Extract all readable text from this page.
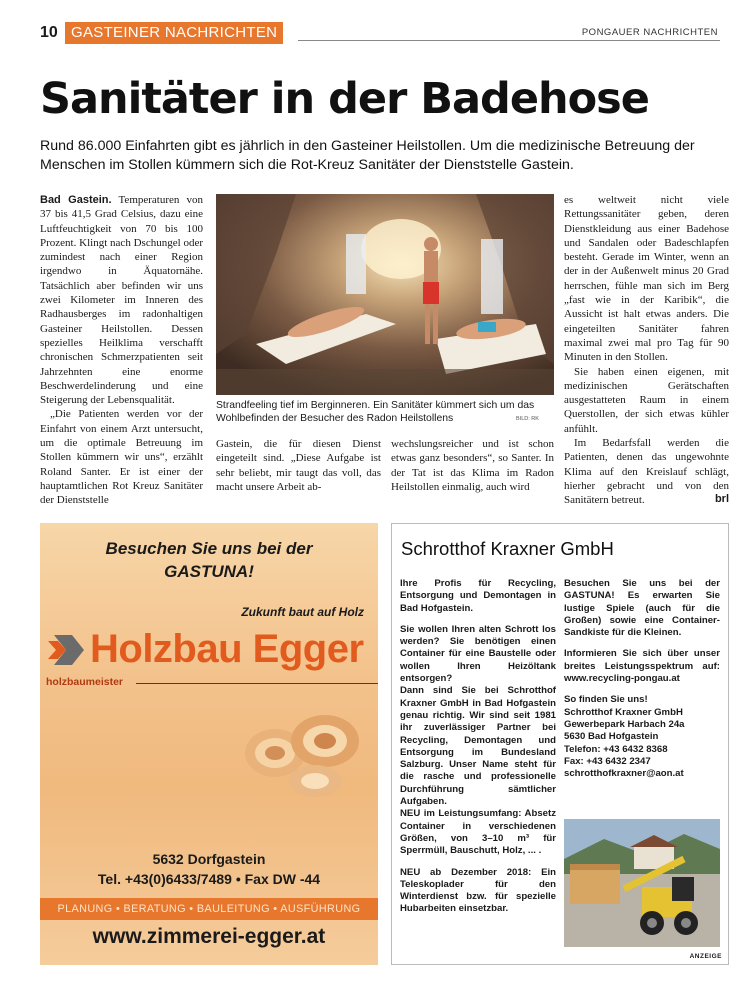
10 GASTEINER NACHRICHTEN	PONGAUER NACHRICHTEN
Sanitäter in der Badehose

Rund 86.000 Einfahrten gibt es jährlich in den Gasteiner Heilstollen. Um die medizinische Betreuung der Menschen im Stollen kümmern sich die Rot-Kreuz Sanitäter der Dienststelle Gastein.

Bad Gastein. Temperaturen von 37 bis 41,5 Grad Celsius, dazu eine Luftfeuchtigkeit von 70 bis 100 Prozent. Klingt nach Dschungel oder zumindest nach einer Region irgendwo in Äquatornähe. Tatsächlich aber befinden wir uns zwei Kilometer im Inneren des Radhausberges im radonhaltigen Gasteiner Heilstollen. Dessen spezielles Heilklima verschafft chronischen Schmerzpatienten seit Jahrzehnten eine enorme Beschwerdelinderung und eine Steigerung der Lebensqualität.

„Die Patienten werden vor der Einfahrt von einem Arzt untersucht, um die optimale Betreuung im Stollen kümmern wir uns“, erzählt Roland Santer. Er ist einer der hauptamtlichen Rot Kreuz Sanitäter der Dienststelle

Strandfeeling tief im Berginneren. Ein Sanitäter kümmert sich um das Wohlbefinden der Besucher des Radon Heilstollens	BILD: RK

Gastein, die für diesen Dienst eingeteilt sind. „Diese Aufgabe ist sehr beliebt, mir taugt das voll, das macht unsere Arbeit ab-

wechslungsreicher und ist schon etwas ganz besonders“, so Santer. In der Tat ist das Klima im Radon Heilstollen einmalig, auch wird

es weltweit nicht viele Rettungssanitäter geben, deren Dienstkleidung aus einer Badehose und Sandalen oder Badeschlapfen besteht. Gerade im Winter, wenn an der in der Außenwelt minus 20 Grad herrschen, fühle man sich im Berg „fast wie in der Karibik“, die Aussicht ist halt etwas anders. Die eingeteilten Sanitäter fahren maximal zwei mal pro Tag für 90 Minuten in den Stollen.

Sie haben einen eigenen, mit medizinischen Gerätschaften ausgestatteten Raum in einem Querstollen, der sich etwas kühler anfühlt.

Im Bedarfsfall werden die Patienten, denen das ungewohnte Klima auf den Kreislauf schlägt, hierher gebracht und von den Sanitätern betreut.	brl

Besuchen Sie uns bei der
GASTUNA!
Zukunft baut auf Holz
Holzbau Egger
holzbaumeister
5632 Dorfgastein
Tel. +43(0)6433/7489 • Fax DW -44
PLANUNG • BERATUNG • BAULEITUNG • AUSFÜHRUNG
www.zimmerei-egger.at
Schrotthof Kraxner GmbH

Ihre Profis für Recycling, Entsorgung und Demontagen in Bad Hofgastein.

Sie wollen Ihren alten Schrott los werden? Sie benötigen einen Container für eine Baustelle oder wollen Ihren Heizöltank entsorgen?

Dann sind Sie bei Schrotthof Kraxner GmbH in Bad Hofgastein genau richtig. Wir sind seit 1981 ihr zuverlässiger Partner bei Recycling, Demontagen und Entsorgung im Bundesland Salzburg. Unser Name steht für die rasche und professionelle Durchführung sämtlicher Aufgaben.

NEU im Leistungsumfang: Absetz Container in verschiedenen Größen, von 3–10 m³ für Sperrmüll, Bauschutt, Holz, ... .

NEU ab Dezember 2018: Ein Teleskoplader für den Winterdienst bzw. für spezielle Hubarbeiten einsetzbar.

Besuchen Sie uns bei der GASTUNA! Es erwarten Sie lustige Spiele (auch für die Großen) sowie eine Container-Sandkiste für die Kleinen.

Informieren Sie sich über unser breites Leistungsspektrum auf: www.recycling-pongau.at

So finden Sie uns!

Schrotthof Kraxner GmbH

Gewerbepark Harbach 24a

5630 Bad Hofgastein

Telefon: +43 6432 8368

Fax: +43 6432 2347

schrotthofkraxner@aon.at

ANZEIGE
